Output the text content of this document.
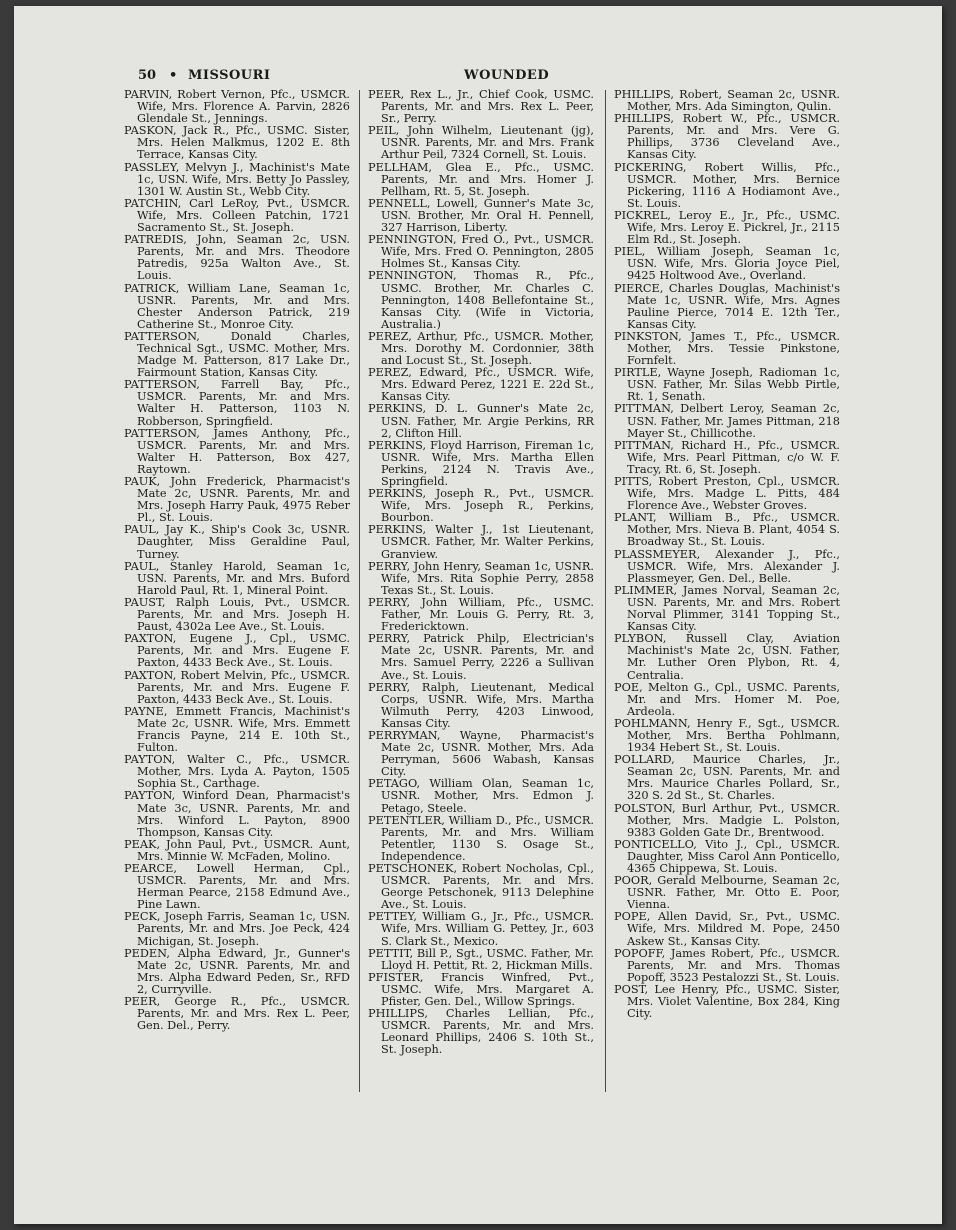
50 • MISSOURI	WOUNDED

PARVIN, Robert Vernon, Pfc., USMCR. Wife, Mrs. Florence A. Parvin, 2826 Glendale St., Jennings.

PASKON, Jack R., Pfc., USMC. Sister, Mrs. Helen Malkmus, 1202 E. 8th Terrace, Kansas City.

PASSLEY, Melvyn J., Machinist's Mate 1c, USN. Wife, Mrs. Betty Jo Passley, 1301 W. Austin St., Webb City.

PATCHIN, Carl LeRoy, Pvt., USMCR. Wife, Mrs. Colleen Patchin, 1721 Sacramento St., St. Joseph.

PATREDIS, John, Seaman 2c, USN. Parents, Mr. and Mrs. Theodore Patredis, 925a Walton Ave., St. Louis.

PATRICK, William Lane, Seaman 1c, USNR. Parents, Mr. and Mrs. Chester Anderson Patrick, 219 Catherine St., Monroe City.

PATTERSON, Donald Charles, Technical Sgt., USMC. Mother, Mrs. Madge M. Patterson, 817 Lake Dr., Fairmount Station, Kansas City.

PATTERSON, Farrell Bay, Pfc., USMCR. Parents, Mr. and Mrs. Walter H. Patterson, 1103 N. Robberson, Springfield.

PATTERSON, James Anthony, Pfc., USMCR. Parents, Mr. and Mrs. Walter H. Patterson, Box 427, Raytown.

PAUK, John Frederick, Pharmacist's Mate 2c, USNR. Parents, Mr. and Mrs. Joseph Harry Pauk, 4975 Reber Pl., St. Louis.

PAUL, Jay K., Ship's Cook 3c, USNR. Daughter, Miss Geraldine Paul, Turney.

PAUL, Stanley Harold, Seaman 1c, USN. Parents, Mr. and Mrs. Buford Harold Paul, Rt. 1, Mineral Point.

PAUST, Ralph Louis, Pvt., USMCR. Parents, Mr. and Mrs. Joseph H. Paust, 4302a Lee Ave., St. Louis.

PAXTON, Eugene J., Cpl., USMC. Parents, Mr. and Mrs. Eugene F. Paxton, 4433 Beck Ave., St. Louis.

PAXTON, Robert Melvin, Pfc., USMCR. Parents, Mr. and Mrs. Eugene F. Paxton, 4433 Beck Ave., St. Louis.

PAYNE, Emmett Francis, Machinist's Mate 2c, USNR. Wife, Mrs. Emmett Francis Payne, 214 E. 10th St., Fulton.

PAYTON, Walter C., Pfc., USMCR. Mother, Mrs. Lyda A. Payton, 1505 Sophia St., Carthage.

PAYTON, Winford Dean, Pharmacist's Mate 3c, USNR. Parents, Mr. and Mrs. Winford L. Payton, 8900 Thompson, Kansas City.

PEAK, John Paul, Pvt., USMCR. Aunt, Mrs. Minnie W. McFaden, Molino.

PEARCE, Lowell Herman, Cpl., USMCR. Parents, Mr. and Mrs. Herman Pearce, 2158 Edmund Ave., Pine Lawn.

PECK, Joseph Farris, Seaman 1c, USN. Parents, Mr. and Mrs. Joe Peck, 424 Michigan, St. Joseph.

PEDEN, Alpha Edward, Jr., Gunner's Mate 2c, USNR. Parents, Mr. and Mrs. Alpha Edward Peden, Sr., RFD 2, Curryville.

PEER, George R., Pfc., USMCR. Parents, Mr. and Mrs. Rex L. Peer, Gen. Del., Perry.

PEER, Rex L., Jr., Chief Cook, USMC. Parents, Mr. and Mrs. Rex L. Peer, Sr., Perry.

PEIL, John Wilhelm, Lieutenant (jg), USNR. Parents, Mr. and Mrs. Frank Arthur Peil, 7324 Cornell, St. Louis.

PELLHAM, Glea E., Pfc., USMC. Parents, Mr. and Mrs. Homer J. Pellham, Rt. 5, St. Joseph.

PENNELL, Lowell, Gunner's Mate 3c, USN. Brother, Mr. Oral H. Pennell, 327 Harrison, Liberty.

PENNINGTON, Fred O., Pvt., USMCR. Wife, Mrs. Fred O. Pennington, 2805 Holmes St., Kansas City.

PENNINGTON, Thomas R., Pfc., USMC. Brother, Mr. Charles C. Pennington, 1408 Bellefontaine St., Kansas City. (Wife in Victoria, Australia.)

PEREZ, Arthur, Pfc., USMCR. Mother, Mrs. Dorothy M. Cordonnier, 38th and Locust St., St. Joseph.

PEREZ, Edward, Pfc., USMCR. Wife, Mrs. Edward Perez, 1221 E. 22d St., Kansas City.

PERKINS, D. L. Gunner's Mate 2c, USN. Father, Mr. Argie Perkins, RR 2, Clifton Hill.

PERKINS, Floyd Harrison, Fireman 1c, USNR. Wife, Mrs. Martha Ellen Perkins, 2124 N. Travis Ave., Springfield.

PERKINS, Joseph R., Pvt., USMCR. Wife, Mrs. Joseph R., Perkins, Bourbon.

PERKINS, Walter J., 1st Lieutenant, USMCR. Father, Mr. Walter Perkins, Granview.

PERRY, John Henry, Seaman 1c, USNR. Wife, Mrs. Rita Sophie Perry, 2858 Texas St., St. Louis.

PERRY, John William, Pfc., USMC. Father, Mr. Louis G. Perry, Rt. 3, Fredericktown.

PERRY, Patrick Philp, Electrician's Mate 2c, USNR. Parents, Mr. and Mrs. Samuel Perry, 2226 a Sullivan Ave., St. Louis.

PERRY, Ralph, Lieutenant, Medical Corps, USNR. Wife, Mrs. Martha Wilmuth Perry, 4203 Linwood, Kansas City.

PERRYMAN, Wayne, Pharmacist's Mate 2c, USNR. Mother, Mrs. Ada Perryman, 5606 Wabash, Kansas City.

PETAGO, William Olan, Seaman 1c, USNR. Mother, Mrs. Edmon J. Petago, Steele.

PETENTLER, William D., Pfc., USMCR. Parents, Mr. and Mrs. William Petentler, 1130 S. Osage St., Independence.

PETSCHONEK, Robert Nocholas, Cpl., USMCR. Parents, Mr. and Mrs. George Petschonek, 9113 Delephine Ave., St. Louis.

PETTEY, William G., Jr., Pfc., USMCR. Wife, Mrs. William G. Pettey, Jr., 603 S. Clark St., Mexico.

PETTIT, Bill P., Sgt., USMC. Father, Mr. Lloyd H. Pettit, Rt. 2, Hickman Mills.

PFISTER, Francis Winfred, Pvt., USMC. Wife, Mrs. Margaret A. Pfister, Gen. Del., Willow Springs.

PHILLIPS, Charles Lellian, Pfc., USMCR. Parents, Mr. and Mrs. Leonard Phillips, 2406 S. 10th St., St. Joseph.

PHILLIPS, Robert, Seaman 2c, USNR. Mother, Mrs. Ada Simington, Qulin.

PHILLIPS, Robert W., Pfc., USMCR. Parents, Mr. and Mrs. Vere G. Phillips, 3736 Cleveland Ave., Kansas City.

PICKERING, Robert Willis, Pfc., USMCR. Mother, Mrs. Bernice Pickering, 1116 A Hodiamont Ave., St. Louis.

PICKREL, Leroy E., Jr., Pfc., USMC. Wife, Mrs. Leroy E. Pickrel, Jr., 2115 Elm Rd., St. Joseph.

PIEL, William Joseph, Seaman 1c, USN. Wife, Mrs. Gloria Joyce Piel, 9425 Holtwood Ave., Overland.

PIERCE, Charles Douglas, Machinist's Mate 1c, USNR. Wife, Mrs. Agnes Pauline Pierce, 7014 E. 12th Ter., Kansas City.

PINKSTON, James T., Pfc., USMCR. Mother, Mrs. Tessie Pinkstone, Fornfelt.

PIRTLE, Wayne Joseph, Radioman 1c, USN. Father, Mr. Silas Webb Pirtle, Rt. 1, Senath.

PITTMAN, Delbert Leroy, Seaman 2c, USN. Father, Mr. James Pittman, 218 Mayer St., Chillicothe.

PITTMAN, Richard H., Pfc., USMCR. Wife, Mrs. Pearl Pittman, c/o W. F. Tracy, Rt. 6, St. Joseph.

PITTS, Robert Preston, Cpl., USMCR. Wife, Mrs. Madge L. Pitts, 484 Florence Ave., Webster Groves.

PLANT, William B., Pfc., USMCR. Mother, Mrs. Nieva B. Plant, 4054 S. Broadway St., St. Louis.

PLASSMEYER, Alexander J., Pfc., USMCR. Wife, Mrs. Alexander J. Plassmeyer, Gen. Del., Belle.

PLIMMER, James Norval, Seaman 2c, USN. Parents, Mr. and Mrs. Robert Norval Plimmer, 3141 Topping St., Kansas City.

PLYBON, Russell Clay, Aviation Machinist's Mate 2c, USN. Father, Mr. Luther Oren Plybon, Rt. 4, Centralia.

POE, Melton G., Cpl., USMC. Parents, Mr. and Mrs. Homer M. Poe, Ardeola.

POHLMANN, Henry F., Sgt., USMCR. Mother, Mrs. Bertha Pohlmann, 1934 Hebert St., St. Louis.

POLLARD, Maurice Charles, Jr., Seaman 2c, USN. Parents, Mr. and Mrs. Maurice Charles Pollard, Sr., 320 S. 2d St., St. Charles.

POLSTON, Burl Arthur, Pvt., USMCR. Mother, Mrs. Madgie L. Polston, 9383 Golden Gate Dr., Brentwood.

PONTICELLO, Vito J., Cpl., USMCR. Daughter, Miss Carol Ann Ponticello, 4365 Chippewa, St. Louis.

POOR, Gerald Melbourne, Seaman 2c, USNR. Father, Mr. Otto E. Poor, Vienna.

POPE, Allen David, Sr., Pvt., USMC. Wife, Mrs. Mildred M. Pope, 2450 Askew St., Kansas City.

POPOFF, James Robert, Pfc., USMCR. Parents, Mr. and Mrs. Thomas Popoff, 3523 Pestalozzi St., St. Louis.

POST, Lee Henry, Pfc., USMC. Sister, Mrs. Violet Valentine, Box 284, King City.
